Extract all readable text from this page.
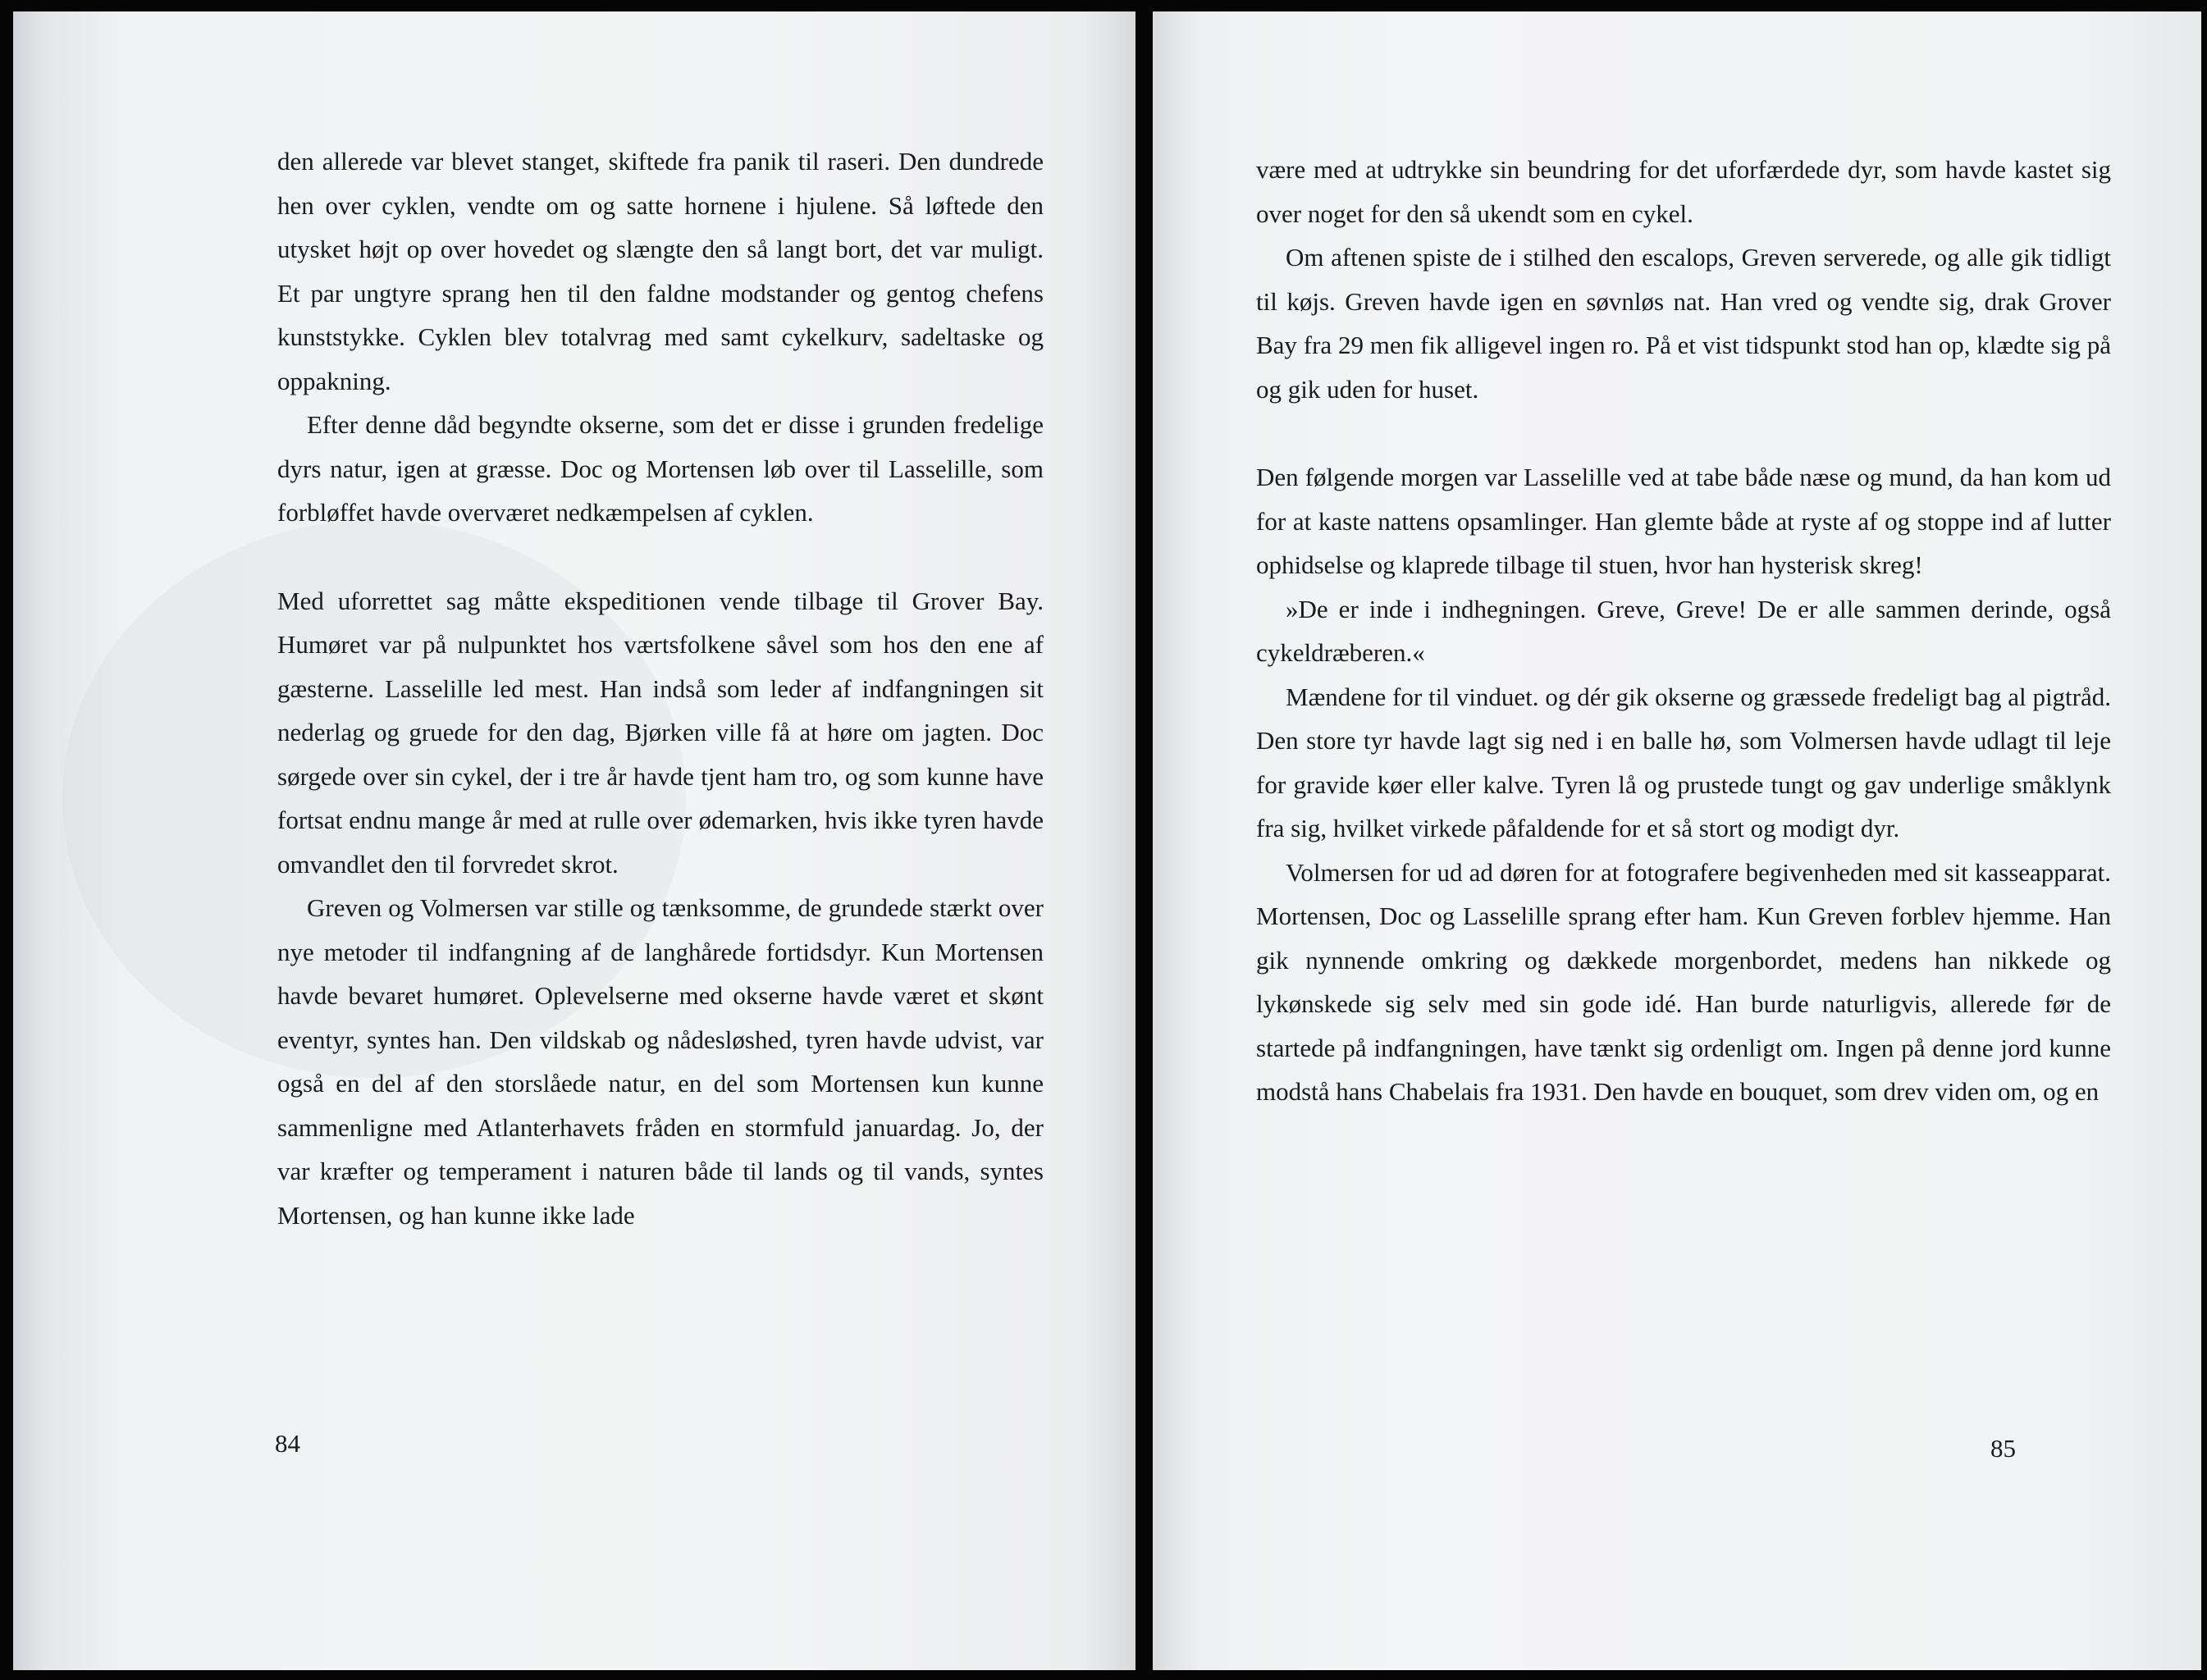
den allerede var blevet stanget, skiftede fra panik til raseri. Den dundrede hen over cyklen, vendte om og satte hornene i hjulene. Så løftede den utysket højt op over hovedet og slængte den så langt bort, det var muligt. Et par ungtyre sprang hen til den faldne modstander og gentog chefens kunststykke. Cyklen blev totalvrag med samt cykelkurv, sadeltaske og oppakning.

Efter denne dåd begyndte okserne, som det er disse i grunden fredelige dyrs natur, igen at græsse. Doc og Mortensen løb over til Lasselille, som forbløffet havde overværet nedkæmpelsen af cyklen.

Med uforrettet sag måtte ekspeditionen vende tilbage til Grover Bay. Humøret var på nulpunktet hos værtsfolkene såvel som hos den ene af gæsterne. Lasselille led mest. Han indså som leder af indfangningen sit nederlag og gruede for den dag, Bjørken ville få at høre om jagten. Doc sørgede over sin cykel, der i tre år havde tjent ham tro, og som kunne have fortsat endnu mange år med at rulle over ødemarken, hvis ikke tyren havde omvandlet den til forvredet skrot.

Greven og Volmersen var stille og tænksomme, de grundede stærkt over nye metoder til indfangning af de langhårede fortidsdyr. Kun Mortensen havde bevaret humøret. Oplevelserne med okserne havde været et skønt eventyr, syntes han. Den vildskab og nådesløshed, tyren havde udvist, var også en del af den storslåede natur, en del som Mortensen kun kunne sammenligne med Atlanterhavets fråden en stormfuld januardag. Jo, der var kræfter og temperament i naturen både til lands og til vands, syntes Mortensen, og han kunne ikke lade

84

være med at udtrykke sin beundring for det uforfærdede dyr, som havde kastet sig over noget for den så ukendt som en cykel.

Om aftenen spiste de i stilhed den escalops, Greven serverede, og alle gik tidligt til køjs. Greven havde igen en søvnløs nat. Han vred og vendte sig, drak Grover Bay fra 29 men fik alligevel ingen ro. På et vist tidspunkt stod han op, klædte sig på og gik uden for huset.

Den følgende morgen var Lasselille ved at tabe både næse og mund, da han kom ud for at kaste nattens opsamlinger. Han glemte både at ryste af og stoppe ind af lutter ophidselse og klaprede tilbage til stuen, hvor han hysterisk skreg!

»De er inde i indhegningen. Greve, Greve! De er alle sammen derinde, også cykeldræberen.«

Mændene for til vinduet. og dér gik okserne og græssede fredeligt bag al pigtråd. Den store tyr havde lagt sig ned i en balle hø, som Volmersen havde udlagt til leje for gravide køer eller kalve. Tyren lå og prustede tungt og gav underlige småklynk fra sig, hvilket virkede påfaldende for et så stort og modigt dyr.

Volmersen for ud ad døren for at fotografere begivenheden med sit kasseapparat. Mortensen, Doc og Lasselille sprang efter ham. Kun Greven forblev hjemme. Han gik nynnende omkring og dækkede morgenbordet, medens han nikkede og lykønskede sig selv med sin gode idé. Han burde naturligvis, allerede før de startede på indfangningen, have tænkt sig ordenligt om. Ingen på denne jord kunne modstå hans Chabelais fra 1931. Den havde en bouquet, som drev viden om, og en

85
